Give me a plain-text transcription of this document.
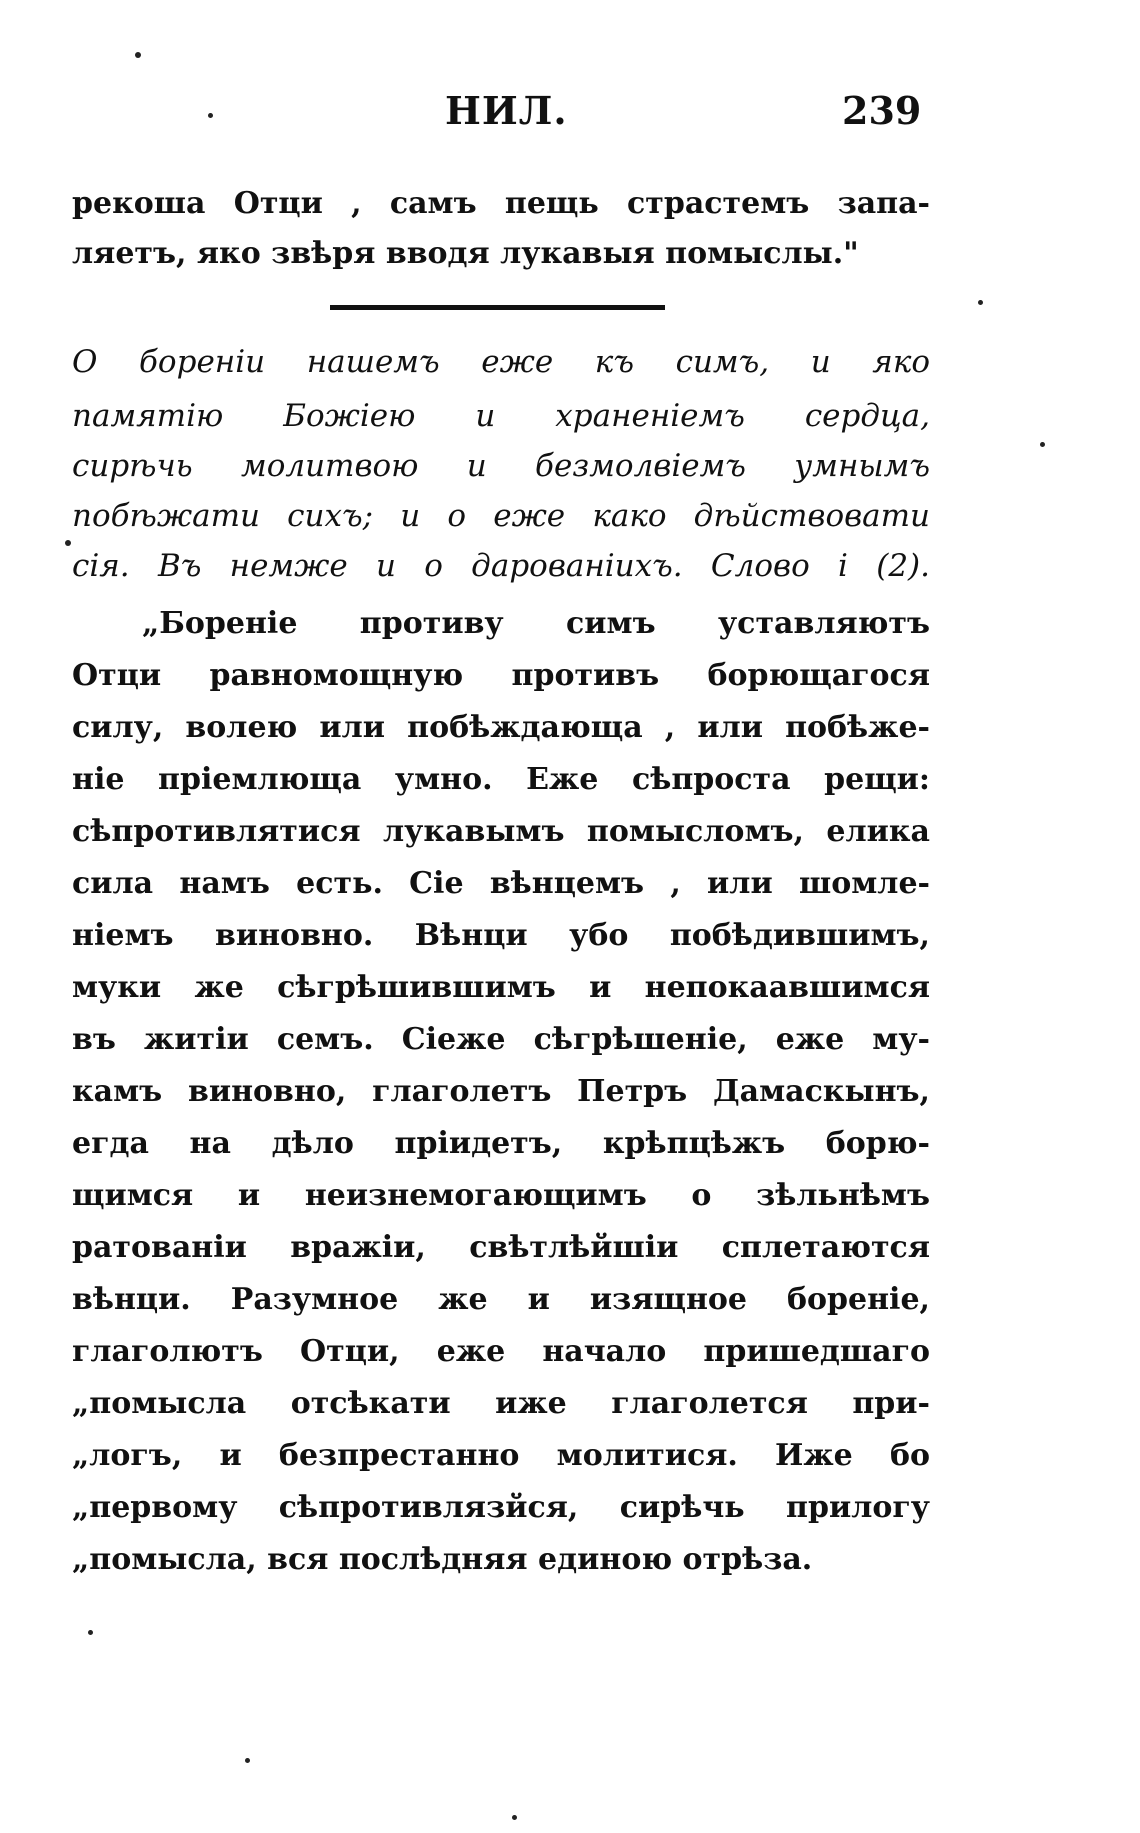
НИЛ.	239
рекоша Отци , самъ пещь страстемъ запа-
ляетъ, яко звѣря вводя лукавыя помыслы."
О боренiи нашемъ еже къ симъ, и яко
памятiю Божiею и храненiемъ сердца,
сирѣчь молитвою и безмолвiемъ умнымъ
побѣжати сихъ; и о еже како дѣйствовати
сiя. Въ немже и о дарованiихъ. Слово i (2).
„Боренiе противу симъ уставляютъ
Отци равномощную противъ борющагося
силу, волею или побѣждающа , или побѣже-
нiе прiемлюща умно. Еже сѣпроста рещи:
сѣпротивлятися лукавымъ помысломъ, елика
сила намъ есть. Сiе вѣнцемъ , или шомле-
нiемъ виновно. Вѣнци убо побѣдившимъ,
муки же сѣгрѣшившимъ и непокаавшимся
въ житiи семъ. Сiеже сѣгрѣшенiе, еже му-
камъ виновно, глаголетъ Петръ Дамаскынъ,
егда на дѣло прiидетъ, крѣпцѣжъ борю-
щимся и неизнемогающимъ о зѣльнѣмъ
ратованiи вражiи, свѣтлѣйшiи сплетаются
вѣнци. Разумное же и изящное боренiе,
глаголютъ Отци, еже начало пришедшаго
„помысла отсѣкати иже глаголется при-
„логъ, и безпрестанно молитися. Иже бо
„первому сѣпротивлязйся, сирѣчь прилогу
„помысла, вся послѣдняя единою отрѣза.
